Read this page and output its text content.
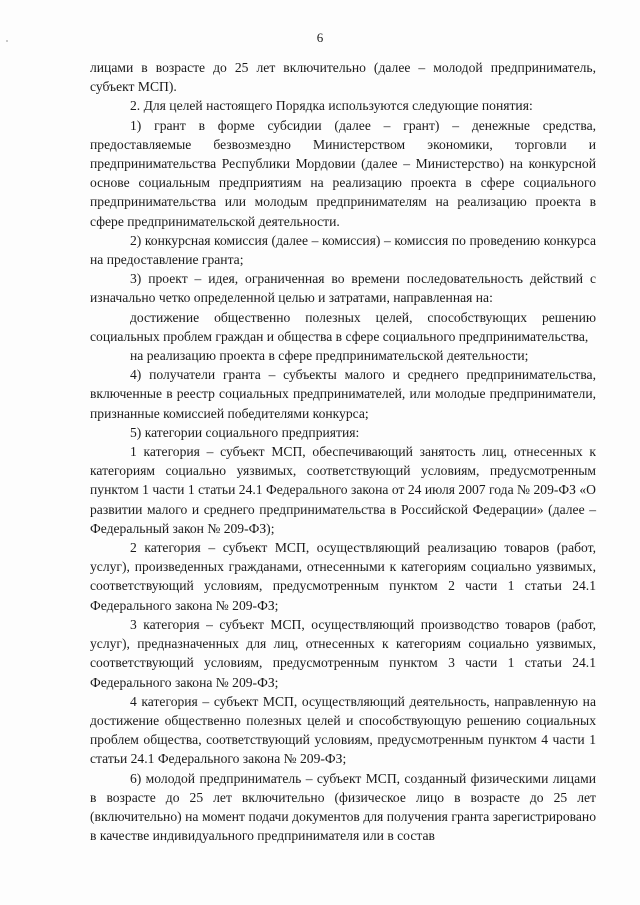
6

лицами в возрасте до 25 лет включительно (далее – молодой предприниматель, субъект МСП).

2. Для целей настоящего Порядка используются следующие понятия:

1) грант в форме субсидии (далее – грант) – денежные средства, предоставляемые безвозмездно Министерством экономики, торговли и предпринимательства Республики Мордовии (далее – Министерство) на конкурсной основе социальным предприятиям на реализацию проекта в сфере социального предпринимательства или молодым предпринимателям на реализацию проекта в сфере предпринимательской деятельности.

2) конкурсная комиссия (далее – комиссия) – комиссия по проведению конкурса на предоставление гранта;

3) проект – идея, ограниченная во времени последовательность действий с изначально четко определенной целью и затратами, направленная на:

достижение общественно полезных целей, способствующих решению социальных проблем граждан и общества в сфере социального предпринимательства,

на реализацию проекта в сфере предпринимательской деятельности;

4) получатели гранта – субъекты малого и среднего предпринимательства, включенные в реестр социальных предпринимателей, или молодые предприниматели, признанные комиссией победителями конкурса;

5) категории социального предприятия:

1 категория – субъект МСП, обеспечивающий занятость лиц, отнесенных к категориям социально уязвимых, соответствующий условиям, предусмотренным пунктом 1 части 1 статьи 24.1 Федерального закона от 24 июля 2007 года № 209-ФЗ «О развитии малого и среднего предпринимательства в Российской Федерации» (далее – Федеральный закон № 209-ФЗ);

2 категория – субъект МСП, осуществляющий реализацию товаров (работ, услуг), произведенных гражданами, отнесенными к категориям социально уязвимых, соответствующий условиям, предусмотренным пунктом 2 части 1 статьи 24.1 Федерального закона № 209-ФЗ;

3 категория – субъект МСП, осуществляющий производство товаров (работ, услуг), предназначенных для лиц, отнесенных к категориям социально уязвимых, соответствующий условиям, предусмотренным пунктом 3 части 1 статьи 24.1 Федерального закона № 209-ФЗ;

4 категория – субъект МСП, осуществляющий деятельность, направленную на достижение общественно полезных целей и способствующую решению социальных проблем общества, соответствующий условиям, предусмотренным пунктом 4 части 1 статьи 24.1 Федерального закона № 209-ФЗ;

6) молодой предприниматель – субъект МСП, созданный физическими лицами в возрасте до 25 лет включительно (физическое лицо в возрасте до 25 лет (включительно) на момент подачи документов для получения гранта зарегистрировано в качестве индивидуального предпринимателя или в состав
